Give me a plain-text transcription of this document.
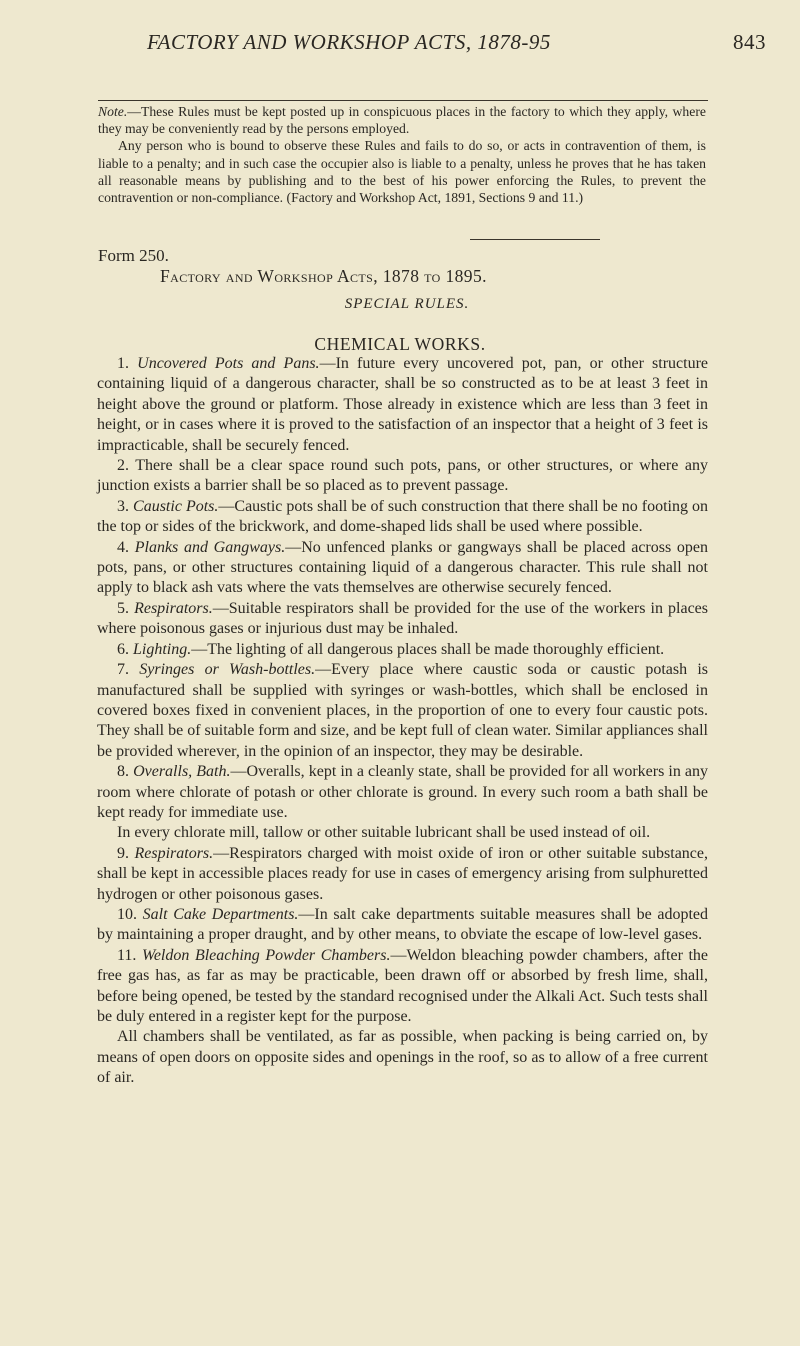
FACTORY AND WORKSHOP ACTS, 1878-95	843

Note.—These Rules must be kept posted up in conspicuous places in the factory to which they apply, where they may be conveniently read by the persons employed.

Any person who is bound to observe these Rules and fails to do so, or acts in contravention of them, is liable to a penalty; and in such case the occupier also is liable to a penalty, unless he proves that he has taken all reasonable means by publishing and to the best of his power enforcing the Rules, to prevent the contravention or non-compliance. (Factory and Workshop Act, 1891, Sections 9 and 11.)

Form 250.
Factory and Workshop Acts, 1878 to 1895.
SPECIAL RULES.
CHEMICAL WORKS.

1. Uncovered Pots and Pans.—In future every uncovered pot, pan, or other structure containing liquid of a dangerous character, shall be so constructed as to be at least 3 feet in height above the ground or platform. Those already in existence which are less than 3 feet in height, or in cases where it is proved to the satisfaction of an inspector that a height of 3 feet is impracticable, shall be securely fenced.

2. There shall be a clear space round such pots, pans, or other structures, or where any junction exists a barrier shall be so placed as to prevent passage.

3. Caustic Pots.—Caustic pots shall be of such construction that there shall be no footing on the top or sides of the brickwork, and dome-shaped lids shall be used where possible.

4. Planks and Gangways.—No unfenced planks or gangways shall be placed across open pots, pans, or other structures containing liquid of a dangerous character. This rule shall not apply to black ash vats where the vats themselves are otherwise securely fenced.

5. Respirators.—Suitable respirators shall be provided for the use of the workers in places where poisonous gases or injurious dust may be inhaled.

6. Lighting.—The lighting of all dangerous places shall be made thoroughly efficient.

7. Syringes or Wash-bottles.—Every place where caustic soda or caustic potash is manufactured shall be supplied with syringes or wash-bottles, which shall be enclosed in covered boxes fixed in convenient places, in the proportion of one to every four caustic pots. They shall be of suitable form and size, and be kept full of clean water. Similar appliances shall be provided wherever, in the opinion of an inspector, they may be desirable.

8. Overalls, Bath.—Overalls, kept in a cleanly state, shall be provided for all workers in any room where chlorate of potash or other chlorate is ground. In every such room a bath shall be kept ready for immediate use.

In every chlorate mill, tallow or other suitable lubricant shall be used instead of oil.

9. Respirators.—Respirators charged with moist oxide of iron or other suitable substance, shall be kept in accessible places ready for use in cases of emergency arising from sulphuretted hydrogen or other poisonous gases.

10. Salt Cake Departments.—In salt cake departments suitable measures shall be adopted by maintaining a proper draught, and by other means, to obviate the escape of low-level gases.

11. Weldon Bleaching Powder Chambers.—Weldon bleaching powder chambers, after the free gas has, as far as may be practicable, been drawn off or absorbed by fresh lime, shall, before being opened, be tested by the standard recognised under the Alkali Act. Such tests shall be duly entered in a register kept for the purpose.

All chambers shall be ventilated, as far as possible, when packing is being carried on, by means of open doors on opposite sides and openings in the roof, so as to allow of a free current of air.
